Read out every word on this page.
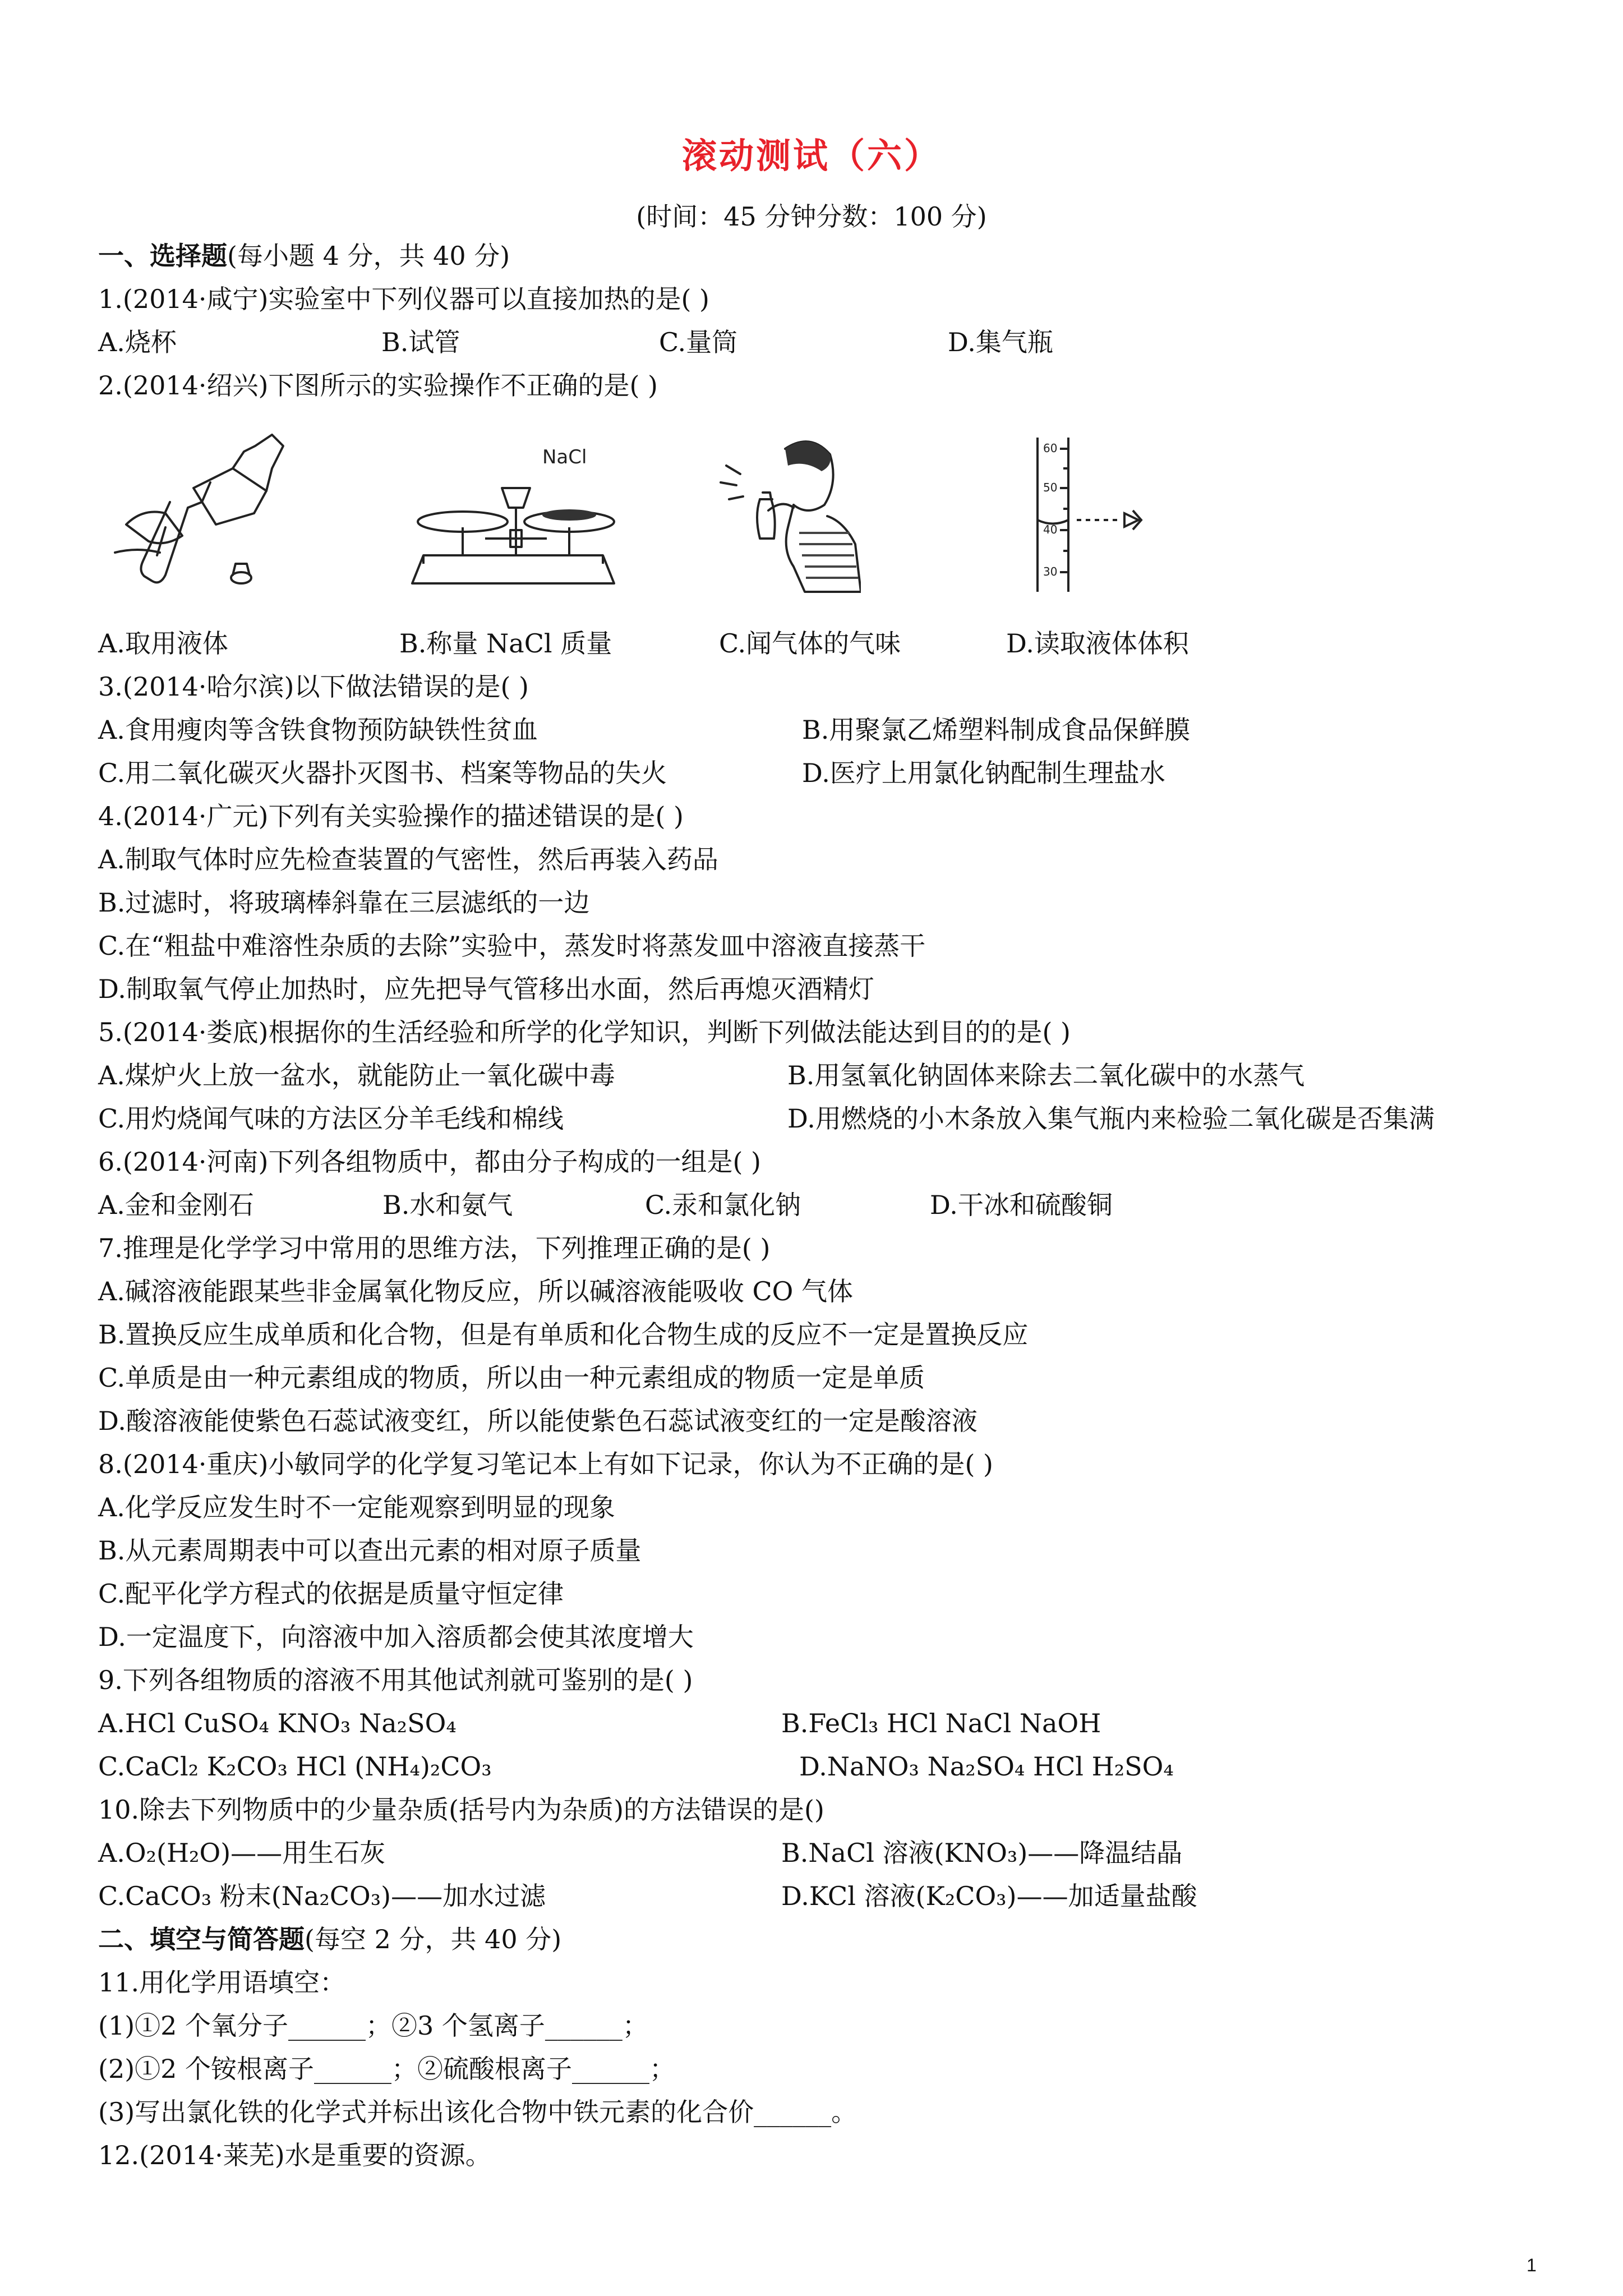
滚动测试（六）
(时间：45 分钟分数：100 分)
一、选择题(每小题 4 分，共 40 分)
1.(2014·咸宁)实验室中下列仪器可以直接加热的是( )
A.烧杯	B.试管	C.量筒	D.集气瓶
2.(2014·绍兴)下图所示的实验操作不正确的是( )
NaCl	60
50
40
30
A.取用液体	B.称量 NaCl 质量	C.闻气体的气味	D.读取液体体积
3.(2014·哈尔滨)以下做法错误的是( )
A.食用瘦肉等含铁食物预防缺铁性贫血	B.用聚氯乙烯塑料制成食品保鲜膜
C.用二氧化碳灭火器扑灭图书、档案等物品的失火	D.医疗上用氯化钠配制生理盐水
4.(2014·广元)下列有关实验操作的描述错误的是( )
A.制取气体时应先检查装置的气密性，然后再装入药品
B.过滤时，将玻璃棒斜靠在三层滤纸的一边
C.在“粗盐中难溶性杂质的去除”实验中，蒸发时将蒸发皿中溶液直接蒸干
D.制取氧气停止加热时，应先把导气管移出水面，然后再熄灭酒精灯
5.(2014·娄底)根据你的生活经验和所学的化学知识，判断下列做法能达到目的的是( )
A.煤炉火上放一盆水，就能防止一氧化碳中毒	B.用氢氧化钠固体来除去二氧化碳中的水蒸气
C.用灼烧闻气味的方法区分羊毛线和棉线	D.用燃烧的小木条放入集气瓶内来检验二氧化碳是否集满
6.(2014·河南)下列各组物质中，都由分子构成的一组是( )
A.金和金刚石	B.水和氨气	C.汞和氯化钠	D.干冰和硫酸铜
7.推理是化学学习中常用的思维方法，下列推理正确的是( )
A.碱溶液能跟某些非金属氧化物反应，所以碱溶液能吸收 CO 气体
B.置换反应生成单质和化合物，但是有单质和化合物生成的反应不一定是置换反应
C.单质是由一种元素组成的物质，所以由一种元素组成的物质一定是单质
D.酸溶液能使紫色石蕊试液变红，所以能使紫色石蕊试液变红的一定是酸溶液
8.(2014·重庆)小敏同学的化学复习笔记本上有如下记录，你认为不正确的是( )
A.化学反应发生时不一定能观察到明显的现象
B.从元素周期表中可以查出元素的相对原子质量
C.配平化学方程式的依据是质量守恒定律
D.一定温度下，向溶液中加入溶质都会使其浓度增大
9.下列各组物质的溶液不用其他试剂就可鉴别的是( )
A.HCl CuSO₄ KNO₃ Na₂SO₄	B.FeCl₃ HCl NaCl NaOH
C.CaCl₂ K₂CO₃ HCl (NH₄)₂CO₃	D.NaNO₃ Na₂SO₄ HCl H₂SO₄
10.除去下列物质中的少量杂质(括号内为杂质)的方法错误的是()
A.O₂(H₂O)——用生石灰	B.NaCl 溶液(KNO₃)——降温结晶
C.CaCO₃ 粉末(Na₂CO₃)——加水过滤	D.KCl 溶液(K₂CO₃)——加适量盐酸
二、填空与简答题(每空 2 分，共 40 分)
11.用化学用语填空：
(1)①2 个氧分子______；②3 个氢离子______；
(2)①2 个铵根离子______；②硫酸根离子______；
(3)写出氯化铁的化学式并标出该化合物中铁元素的化合价______。
12.(2014·莱芜)水是重要的资源。
1
